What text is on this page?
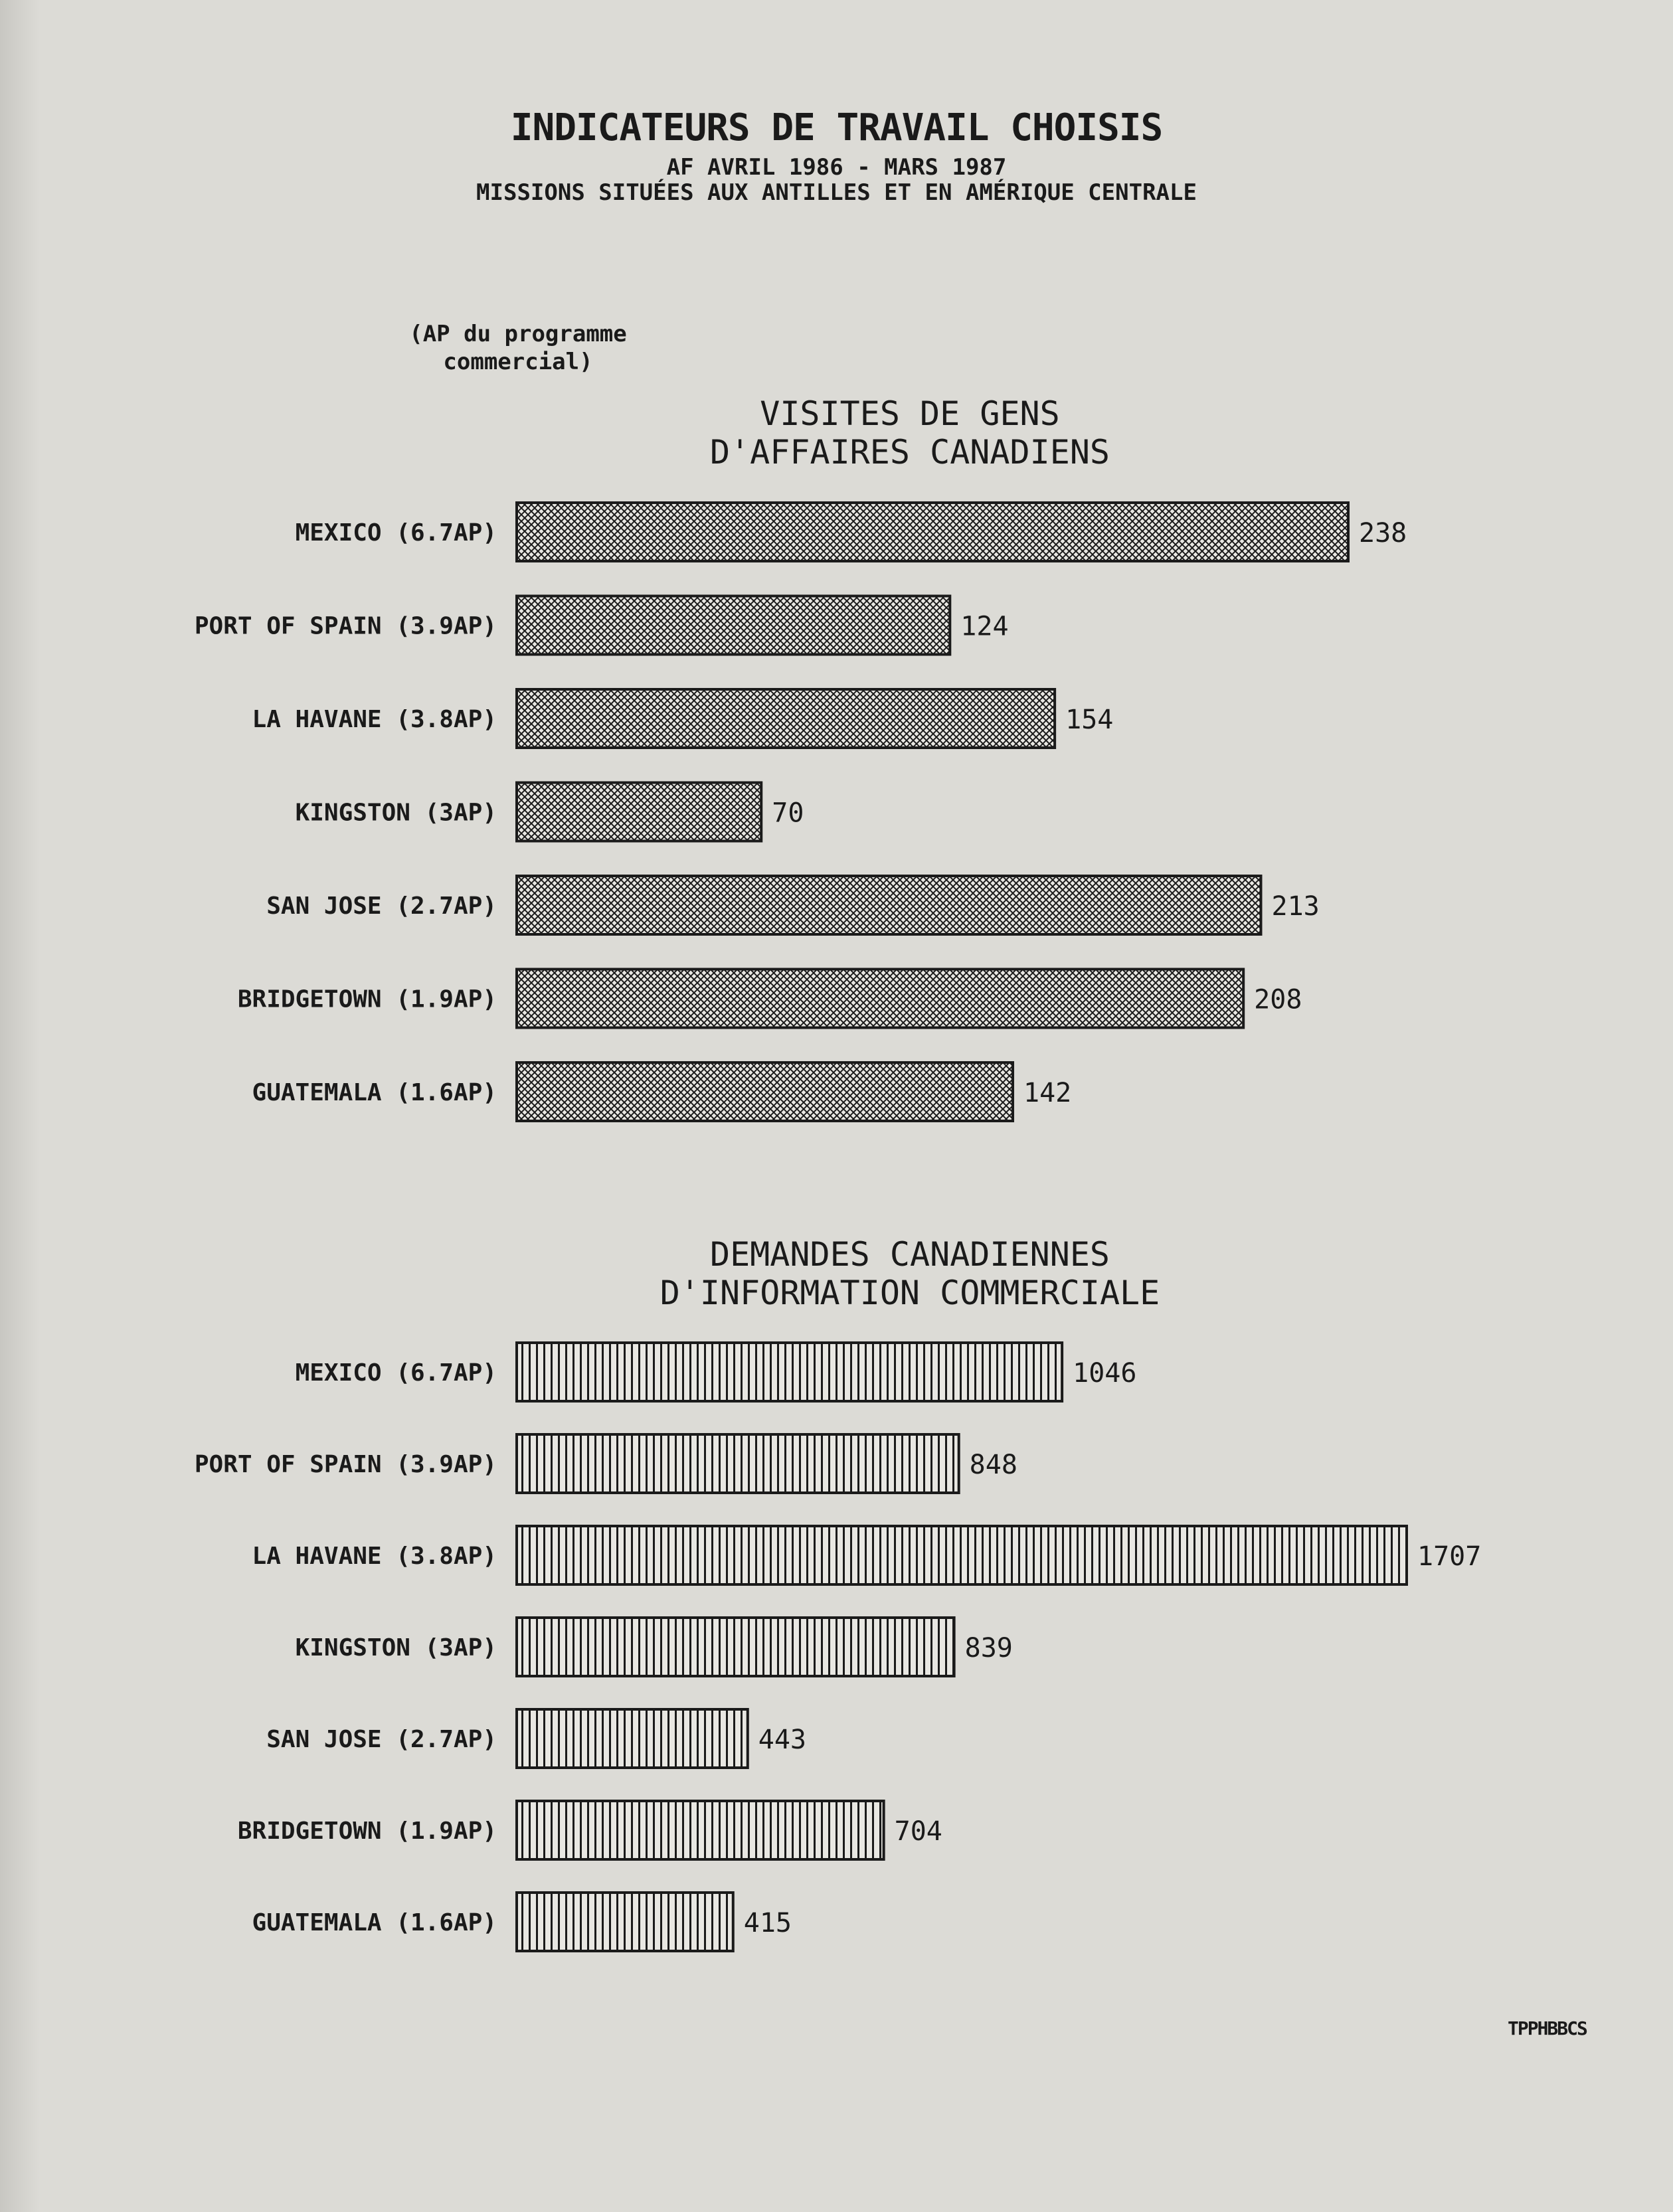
INDICATEURS DE TRAVAIL CHOISIS
AF AVRIL 1986 - MARS 1987
MISSIONS SITUÉES AUX ANTILLES ET EN AMÉRIQUE CENTRALE
(AP du programme
commercial)
VISITES DE GENS
D'AFFAIRES CANADIENS
MEXICO (6.7AP)	238
PORT OF SPAIN (3.9AP)	124
LA HAVANE (3.8AP)	154
KINGSTON (3AP)	70
SAN JOSE (2.7AP)	213
BRIDGETOWN (1.9AP)	208
GUATEMALA (1.6AP)	142
DEMANDES CANADIENNES
D'INFORMATION COMMERCIALE
MEXICO (6.7AP)	1046
PORT OF SPAIN (3.9AP)	848
LA HAVANE (3.8AP)	1707
KINGSTON (3AP)	839
SAN JOSE (2.7AP)	443
BRIDGETOWN (1.9AP)	704
GUATEMALA (1.6AP)	415
TPPHBBCS
